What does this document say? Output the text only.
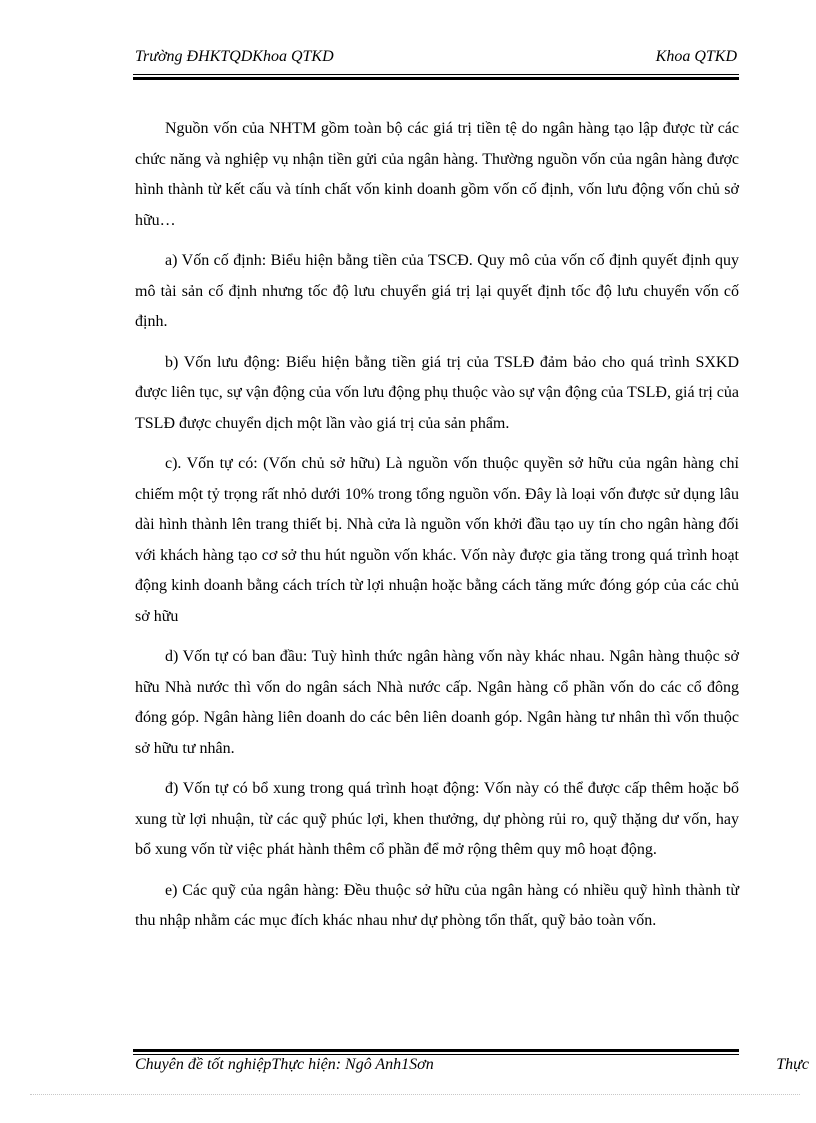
Trường ĐHKTQDKhoa QTKD	Khoa QTKD

Nguồn vốn của NHTM gồm toàn bộ các giá trị tiền tệ do ngân hàng tạo lập được từ các chức năng và nghiệp vụ nhận tiền gửi của ngân hàng. Thường nguồn vốn của ngân hàng được hình thành từ kết cấu và tính chất vốn kinh doanh gồm vốn cố định, vốn lưu động vốn chủ sở hữu…

a) Vốn cố định: Biểu hiện bằng tiền của TSCĐ. Quy mô của vốn cố định quyết định quy mô tài sản cố định nhưng tốc độ lưu chuyển giá trị lại quyết định tốc độ lưu chuyển vốn cố định.

b) Vốn lưu động: Biểu hiện bằng tiền giá trị của TSLĐ đảm bảo cho quá trình SXKD được liên tục, sự vận động của vốn lưu động phụ thuộc vào sự vận động của TSLĐ, giá trị của TSLĐ được chuyển dịch một lần vào giá trị của sản phẩm.

c). Vốn tự có: (Vốn chủ sở hữu) Là nguồn vốn thuộc quyền sở hữu của ngân hàng chỉ chiếm một tỷ trọng rất nhỏ dưới 10% trong tổng nguồn vốn. Đây là loại vốn được sử dụng lâu dài hình thành lên trang thiết bị. Nhà cửa là nguồn vốn khởi đầu tạo uy tín cho ngân hàng đối với khách hàng tạo cơ sở thu hút nguồn vốn khác. Vốn này được gia tăng trong quá trình hoạt động kinh doanh bằng cách trích từ lợi nhuận hoặc bằng cách tăng mức đóng góp của các chủ sở hữu

d) Vốn tự có ban đầu: Tuỳ hình thức ngân hàng vốn này khác nhau. Ngân hàng thuộc sở hữu Nhà nước thì vốn do ngân sách Nhà nước cấp. Ngân hàng cổ phần vốn do các cổ đông đóng góp. Ngân hàng liên doanh do các bên liên doanh góp. Ngân hàng tư nhân thì vốn thuộc sở hữu tư nhân.

đ) Vốn tự có bổ xung trong quá trình hoạt động: Vốn này có thể được cấp thêm hoặc bổ xung từ lợi nhuận, từ các quỹ phúc lợi, khen thưởng, dự phòng rủi ro, quỹ thặng dư vốn, hay bổ xung vốn từ việc phát hành thêm cổ phần để mở rộng thêm quy mô hoạt động.

e) Các quỹ của ngân hàng: Đều thuộc sở hữu của ngân hàng có nhiều quỹ hình thành từ thu nhập nhằm các mục đích khác nhau như dự phòng tổn thất, quỹ bảo toàn vốn.

Chuyên đề tốt nghiệpThực hiện: Ngô Anh1Sơn	Thực
